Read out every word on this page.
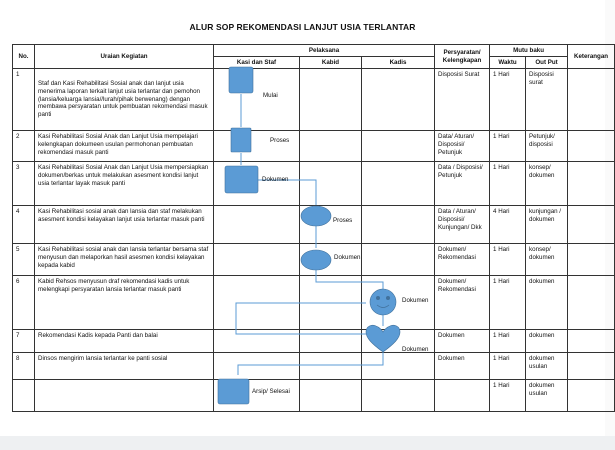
ALUR SOP REKOMENDASI LANJUT USIA TERLANTAR
No.	Uraian Kegiatan	Pelaksana			Persyaratan/ Kelengkapan	Mutu baku		Keterangan
		Kasi dan Staf	Kabid	Kadis		Waktu	Out Put	
1	Staf dan Kasi Rehabilitasi Sosial anak dan lanjut usia menerima laporan terkait lanjut usia terlantar dan pemohon (lansia/keluarga lansia//lurah/pihak berwenang) dengan membawa persyaratan untuk pembuatan rekomendasi masuk panti				Disposisi Surat	1 Hari	Disposisi surat	
2	Kasi Rehabilitasi Sosial Anak dan Lanjut Usia mempelajari kelengkapan dokumeen usulan permohonan pembuatan rekomendasi masuk panti				Data/ Aturan/ Disposisi/ Petunjuk	1 Hari	Petunjuk/ disposisi	
3	Kasi Rehabilitasi Sosial Anak dan Lanjut Usia mempersiapkan dokumen/berkas untuk melakukan asesment kondisi lanjut usia terlantar layak masuk panti				Data / Disposisi/ Petunjuk	1 Hari	konsep/ dokumen	
4	Kasi Rehabilitasi sosial anak dan lansia dan staf melakukan asesment kondisi kelayakan lanjut usia terlantar masuk panti				Data / Aturan/ Disposisi/ Kunjungan/ Dkk	4 Hari	kunjungan / dokumen	
5	Kasi Rehabilitasi sosial anak dan lansia terlantar bersama staf menyusun dan melaporkan hasil asesmen kondisi kelayakan kepada kabid				Dokumen/ Rekomendasi	1 Hari	konsep/ dokumen	
6	Kabid Rehsos menyusun draf rekomendasi kadis untuk melengkapi persyaratan lansia terlantar masuk panti				Dokumen/ Rekomendasi	1 Hari	dokumen	
7	Rekomendasi Kadis kepada Panti dan balai				Dokumen	1 Hari	dokumen	
8	Dinsos mengirim lansia terlantar ke panti sosial				Dokumen	1 Hari	dokumen usulan	
						1 Hari	dokumen usulan	
Mulai
Proses
Dokumen
Proses
Dokumen
Dokumen
Dokumen
Arsip/ Selesai
